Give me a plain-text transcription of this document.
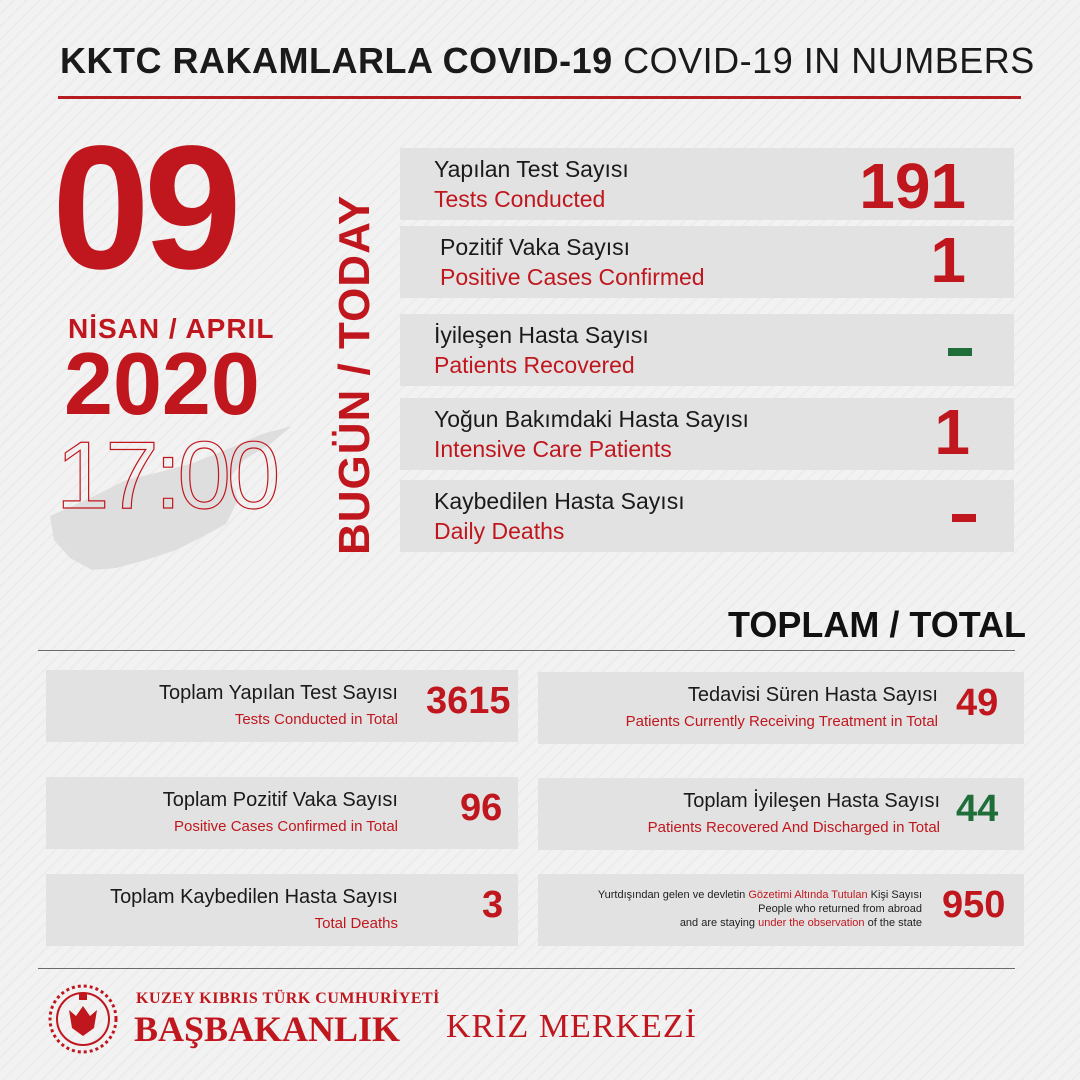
KKTC RAKAMLARLA COVID-19 COVID-19 IN NUMBERS
09
NİSAN / APRIL
2020
17:00 BUGÜN / TODAY
Yapılan Test Sayısı
Tests Conducted	191
Pozitif Vaka Sayısı
Positive Cases Confirmed	1
İyileşen Hasta Sayısı
Patients Recovered
Yoğun Bakımdaki Hasta Sayısı
Intensive Care Patients	1
Kaybedilen Hasta Sayısı
Daily Deaths
TOPLAM / TOTAL
Toplam Yapılan Test Sayısı
Tests Conducted in Total 3615
Toplam Pozitif Vaka Sayısı
Positive Cases Confirmed in Total 96
Toplam Kaybedilen Hasta Sayısı
Total Deaths 3
Tedavisi Süren Hasta Sayısı
Patients Currently Receiving Treatment in Total 49
Toplam İyileşen Hasta Sayısı
Patients Recovered And Discharged in Total 44
Yurtdışından gelen ve devletin Gözetimi Altında Tutulan Kişi Sayısı
People who returned from abroad
and are staying under the observation of the state 950
KUZEY KIBRIS TÜRK CUMHURİYETİ
BAŞBAKANLIK KRİZ MERKEZİ
